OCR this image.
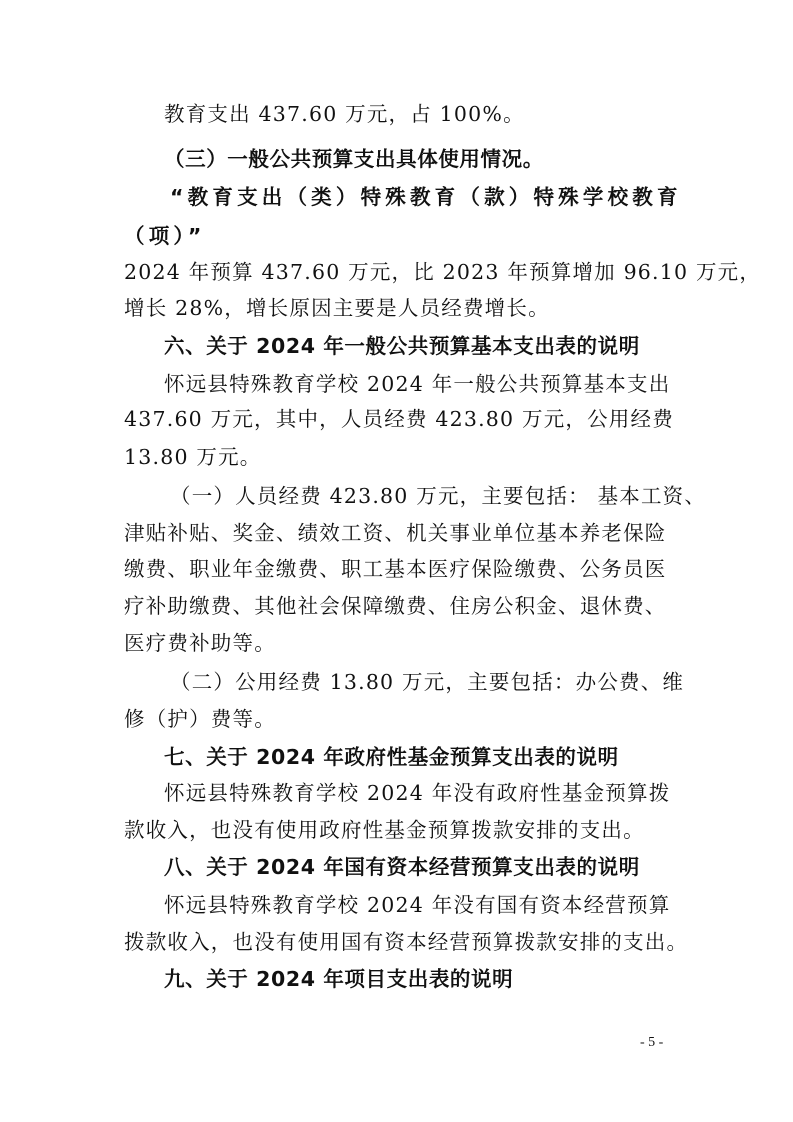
教育支出 437.60 万元，占 100%。
（三）一般公共预算支出具体使用情况。
“教育支出（类）特殊教育（款）特殊学校教育
（项）”
2024 年预算 437.60 万元，比 2023 年预算增加 96.10 万元，
增长 28%，增长原因主要是人员经费增长。
六、关于 2024 年一般公共预算基本支出表的说明
怀远县特殊教育学校 2024 年一般公共预算基本支出
437.60 万元，其中，人员经费 423.80 万元，公用经费
13.80 万元。
（一）人员经费 423.80 万元，主要包括： 基本工资、
津贴补贴、奖金、绩效工资、机关事业单位基本养老保险
缴费、职业年金缴费、职工基本医疗保险缴费、公务员医
疗补助缴费、其他社会保障缴费、住房公积金、退休费、
医疗费补助等。
（二）公用经费 13.80 万元，主要包括：办公费、维
修（护）费等。
七、关于 2024 年政府性基金预算支出表的说明
怀远县特殊教育学校 2024 年没有政府性基金预算拨
款收入，也没有使用政府性基金预算拨款安排的支出。
八、关于 2024 年国有资本经营预算支出表的说明
怀远县特殊教育学校 2024 年没有国有资本经营预算
拨款收入，也没有使用国有资本经营预算拨款安排的支出。
九、关于 2024 年项目支出表的说明
- 5 -
